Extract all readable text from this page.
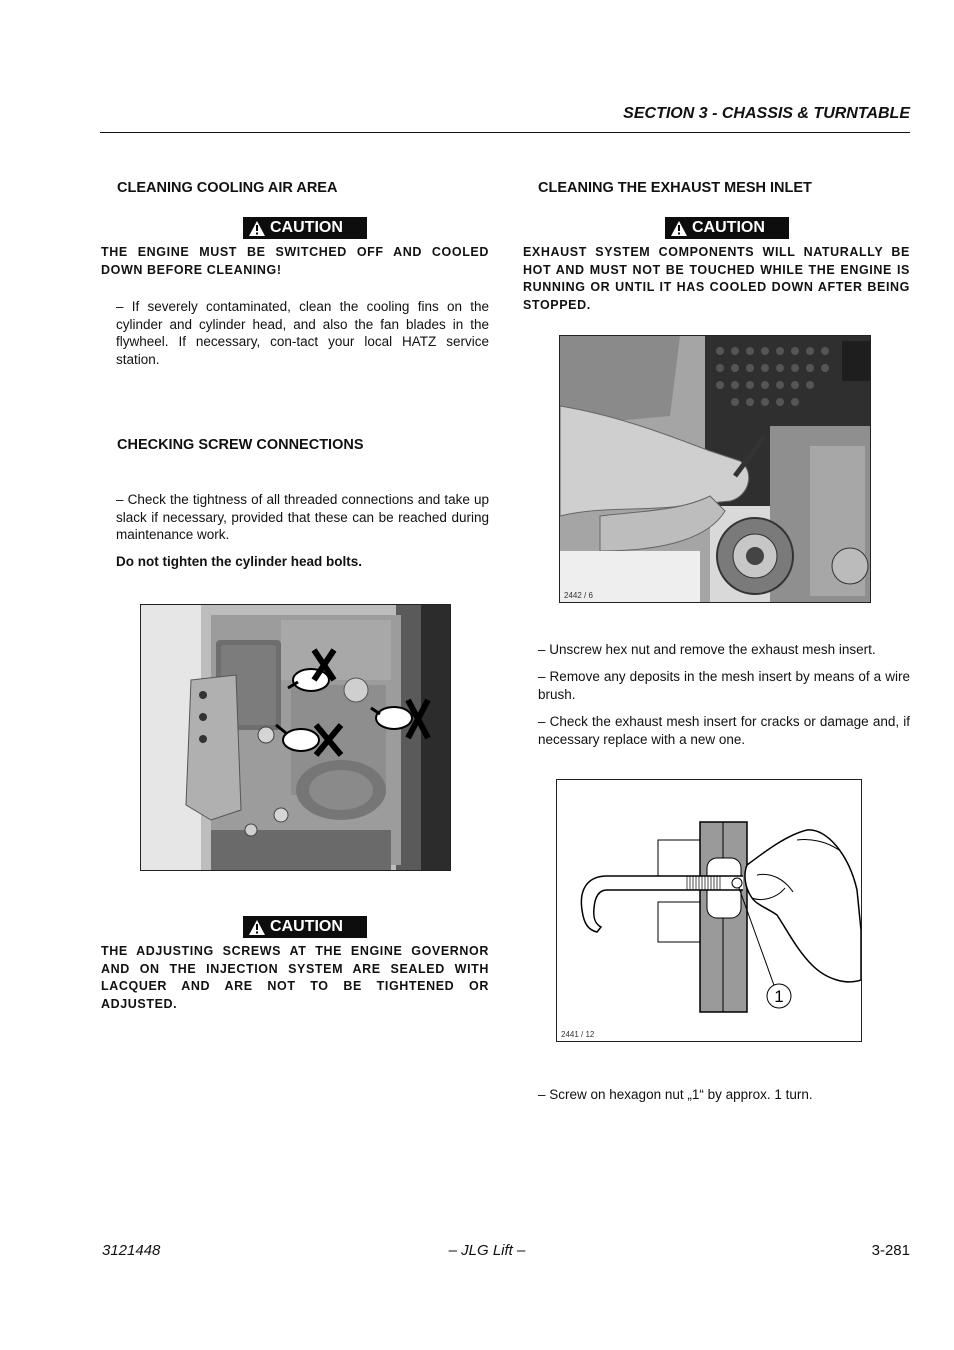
SECTION 3 - CHASSIS & TURNTABLE
CLEANING COOLING AIR AREA
CAUTION
THE ENGINE MUST BE SWITCHED OFF AND COOLED DOWN BEFORE CLEANING!
– If severely contaminated, clean the cooling fins on the cylinder and cylinder head, and also the fan blades in the flywheel. If necessary, con-tact your local HATZ service station.
CHECKING SCREW CONNECTIONS
– Check the tightness of all threaded connections and take up slack if necessary, provided that these can be reached during maintenance work.
Do not tighten the cylinder head bolts.
CAUTION
THE ADJUSTING SCREWS AT THE ENGINE GOVERNOR AND ON THE INJECTION SYSTEM ARE SEALED WITH LACQUER AND ARE NOT TO BE TIGHTENED OR ADJUSTED.
CLEANING THE EXHAUST MESH INLET
CAUTION
EXHAUST SYSTEM COMPONENTS WILL NATURALLY BE HOT AND MUST NOT BE TOUCHED WHILE THE ENGINE IS RUNNING OR UNTIL IT HAS COOLED DOWN AFTER BEING STOPPED.
2442 / 6
– Unscrew hex nut and remove the exhaust mesh insert.
– Remove any deposits in the mesh insert by means of a wire brush.
– Check the exhaust mesh insert for cracks or damage and, if necessary replace with a new one.
1
2441 / 12
– Screw on hexagon nut „1“ by approx. 1 turn.
3121448	– JLG Lift –	3-281
